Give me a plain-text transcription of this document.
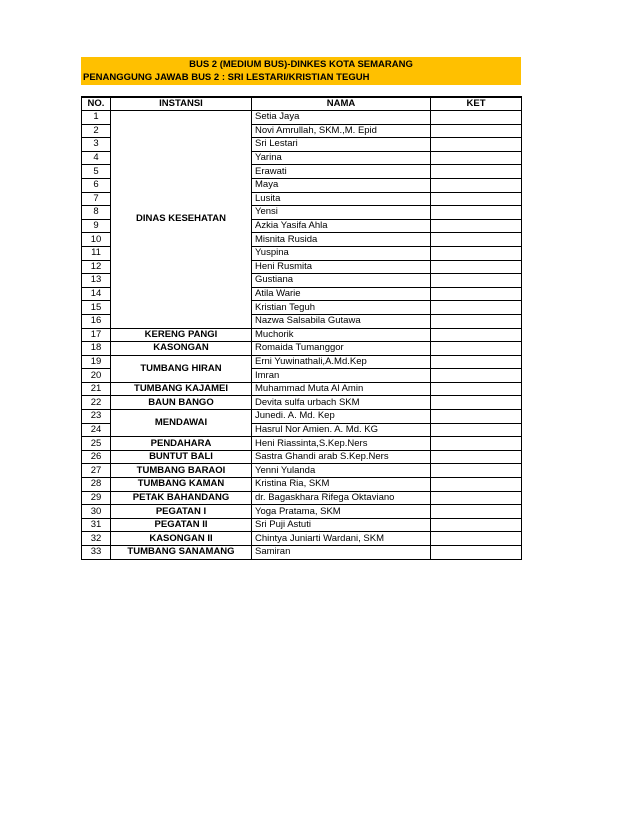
BUS 2 (MEDIUM BUS)-DINKES KOTA SEMARANG
PENANGGUNG JAWAB BUS 2 : SRI LESTARI/KRISTIAN TEGUH
NO.	INSTANSI	NAMA	KET
1	DINAS KESEHATAN	Setia Jaya	
2		Novi Amrullah, SKM.,M. Epid	
3		Sri Lestari	
4		Yarina	
5		Erawati	
6		Maya	
7		Lusita	
8		Yensi	
9		Azkia Yasifa Ahla	
10		Misnita Rusida	
11		Yuspina	
12		Heni Rusmita	
13		Gustiana	
14		Atila Warie	
15		Kristian Teguh	
16		Nazwa Salsabila Gutawa	
17	KERENG PANGI	Muchorik	
18	KASONGAN	Romaida Tumanggor	
19	TUMBANG HIRAN	Erni Yuwinathali,A.Md.Kep	
20		Imran	
21	TUMBANG KAJAMEI	Muhammad Muta Al Amin	
22	BAUN BANGO	Devita sulfa urbach SKM	
23	MENDAWAI	Junedi. A. Md. Kep	
24		Hasrul Nor Amien. A. Md. KG	
25	PENDAHARA	Heni Riassinta,S.Kep.Ners	
26	BUNTUT BALI	Sastra Ghandi arab S.Kep.Ners	
27	TUMBANG BARAOI	Yenni Yulanda	
28	TUMBANG KAMAN	Kristina Ria, SKM	
29	PETAK BAHANDANG	dr. Bagaskhara Rifega Oktaviano	
30	PEGATAN I	Yoga Pratama, SKM	
31	PEGATAN II	Sri Puji Astuti	
32	KASONGAN II	Chintya Juniarti Wardani, SKM	
33	TUMBANG SANAMANG	Samiran	
